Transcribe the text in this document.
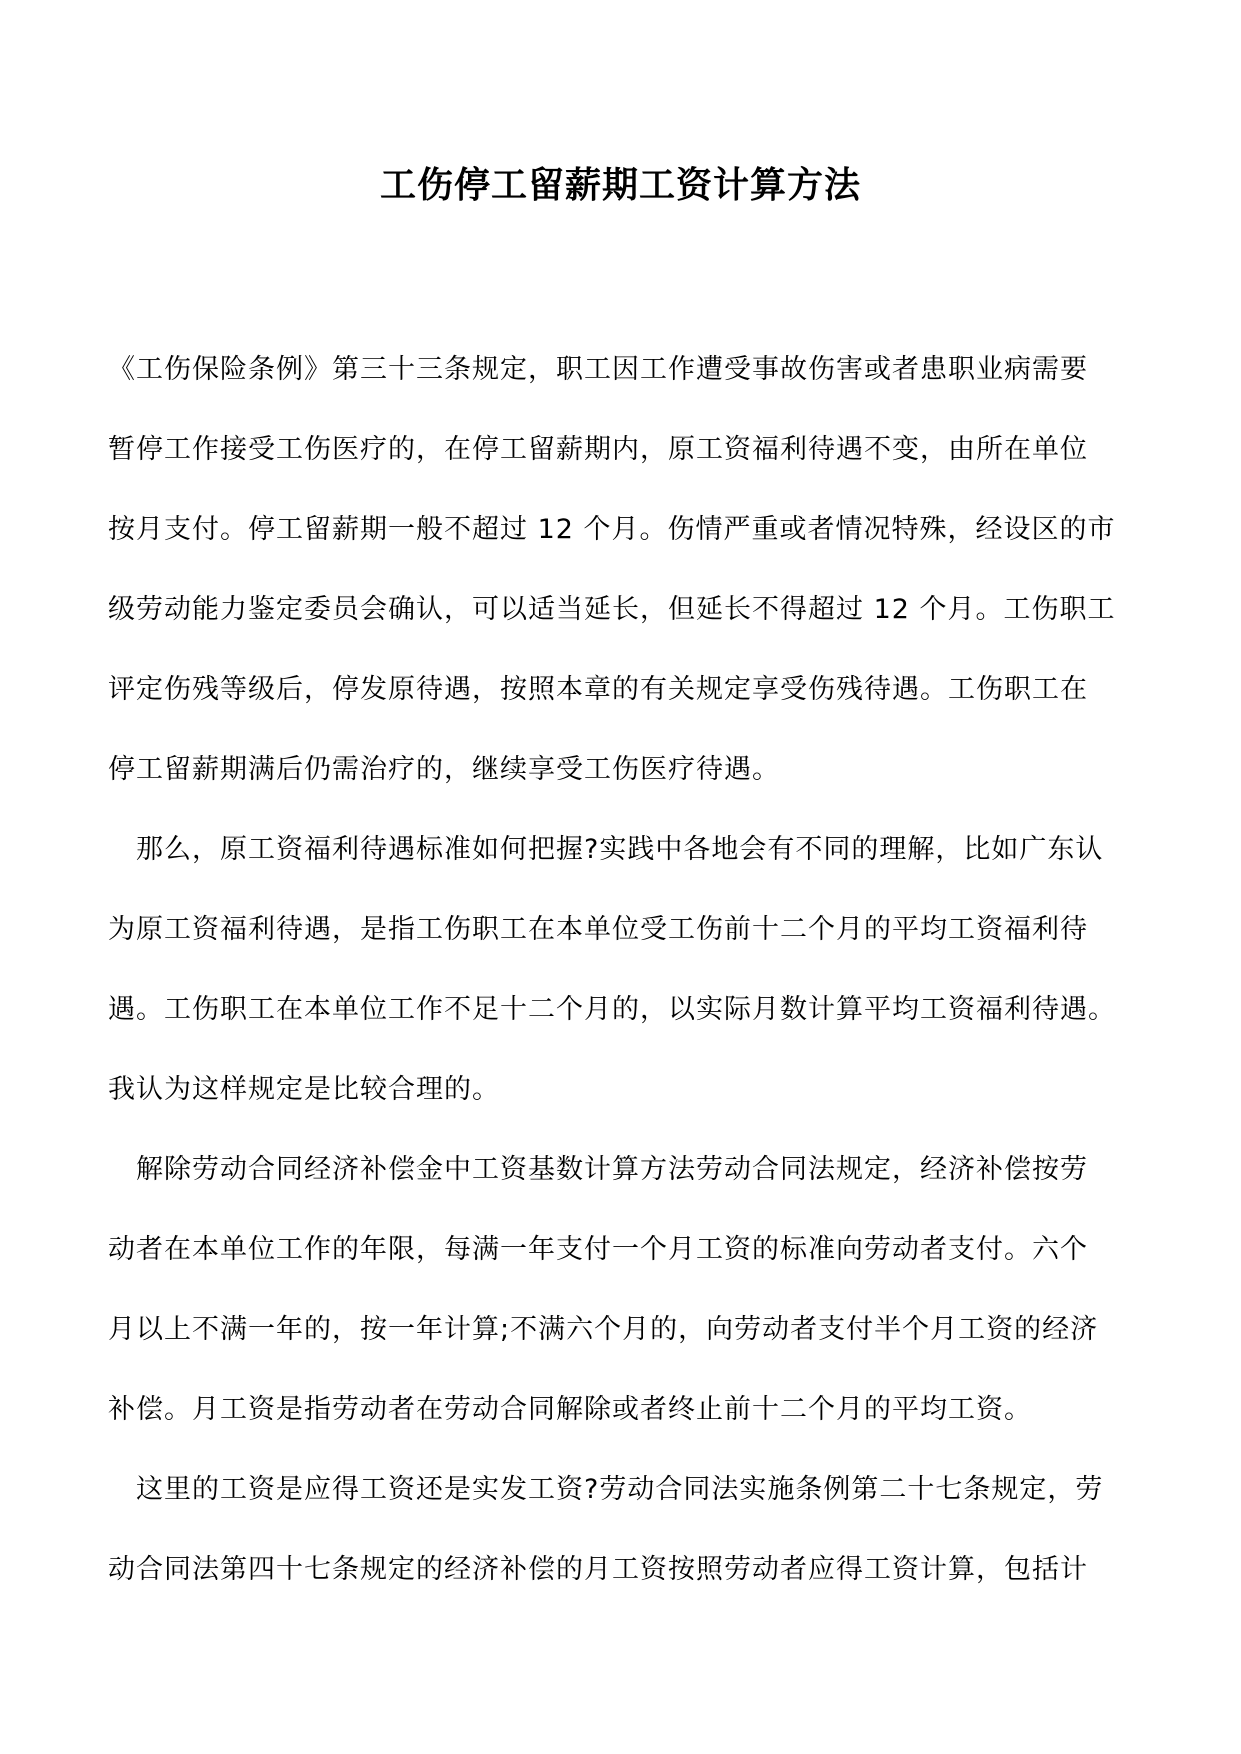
工伤停工留薪期工资计算方法
《工伤保险条例》第三十三条规定，职工因工作遭受事故伤害或者患职业病需要
暂停工作接受工伤医疗的，在停工留薪期内，原工资福利待遇不变，由所在单位
按月支付。停工留薪期一般不超过 12 个月。伤情严重或者情况特殊，经设区的市
级劳动能力鉴定委员会确认，可以适当延长，但延长不得超过 12 个月。工伤职工
评定伤残等级后，停发原待遇，按照本章的有关规定享受伤残待遇。工伤职工在
停工留薪期满后仍需治疗的，继续享受工伤医疗待遇。
　那么，原工资福利待遇标准如何把握?实践中各地会有不同的理解，比如广东认
为原工资福利待遇，是指工伤职工在本单位受工伤前十二个月的平均工资福利待
遇。工伤职工在本单位工作不足十二个月的，以实际月数计算平均工资福利待遇。
我认为这样规定是比较合理的。
　解除劳动合同经济补偿金中工资基数计算方法劳动合同法规定，经济补偿按劳
动者在本单位工作的年限，每满一年支付一个月工资的标准向劳动者支付。六个
月以上不满一年的，按一年计算;不满六个月的，向劳动者支付半个月工资的经济
补偿。月工资是指劳动者在劳动合同解除或者终止前十二个月的平均工资。
　这里的工资是应得工资还是实发工资?劳动合同法实施条例第二十七条规定，劳
动合同法第四十七条规定的经济补偿的月工资按照劳动者应得工资计算，包括计
